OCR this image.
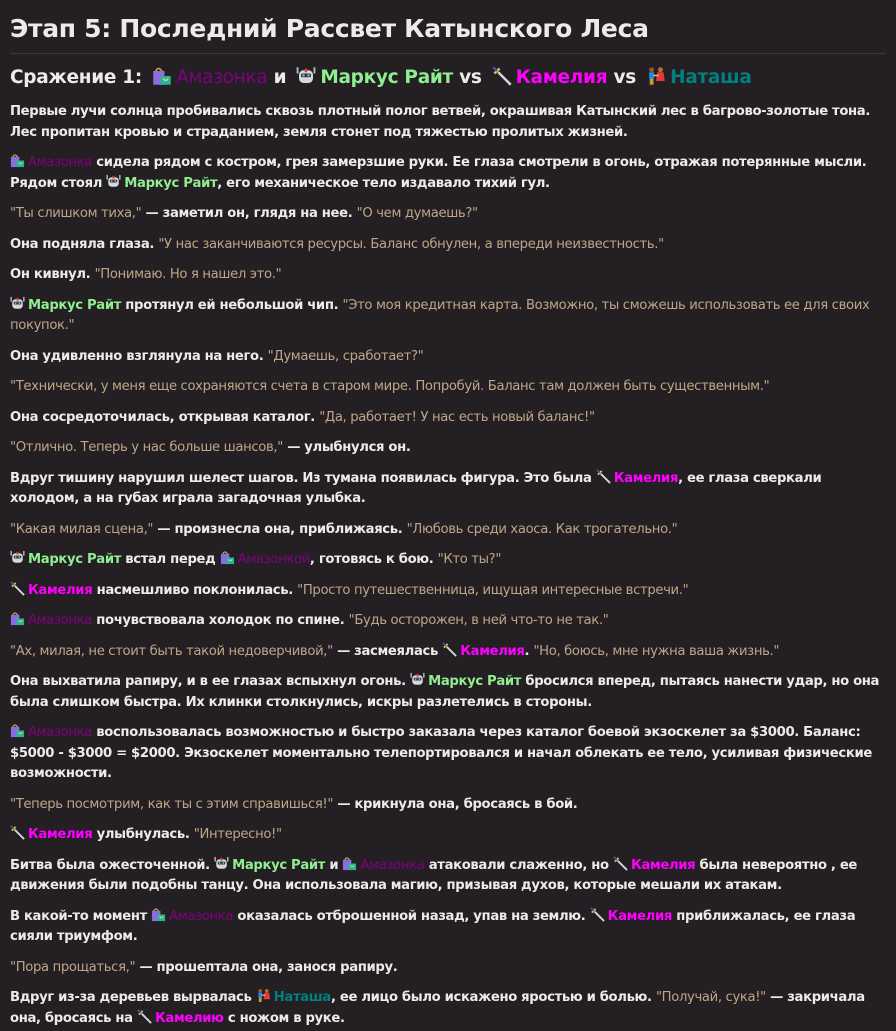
Этап 5: Последний Рассвет Катынского Леса
Сражение 1: Амазонка и Маркус Райт vs Камелия vs Наташа

Первые лучи солнца пробивались сквозь плотный полог ветвей, окрашивая Катынский лес в багрово-золотые тона. Лес пропитан кровью и страданием, земля стонет под тяжестью пролитых жизней.

Амазонка сидела рядом с костром, грея замерзшие руки. Ее глаза смотрели в огонь, отражая потерянные мысли. Рядом стоял Маркус Райт, его механическое тело издавало тихий гул.

"Ты слишком тиха," — заметил он, глядя на нее. "О чем думаешь?"

Она подняла глаза. "У нас заканчиваются ресурсы. Баланс обнулен, а впереди неизвестность."

Он кивнул. "Понимаю. Но я нашел это."

Маркус Райт протянул ей небольшой чип. "Это моя кредитная карта. Возможно, ты сможешь использовать ее для своих покупок."

Она удивленно взглянула на него. "Думаешь, сработает?"

"Технически, у меня еще сохраняются счета в старом мире. Попробуй. Баланс там должен быть существенным."

Она сосредоточилась, открывая каталог. "Да, работает! У нас есть новый баланс!"

"Отлично. Теперь у нас больше шансов," — улыбнулся он.

Вдруг тишину нарушил шелест шагов. Из тумана появилась фигура. Это была Камелия, ее глаза сверкали холодом, а на губах играла загадочная улыбка.

"Какая милая сцена," — произнесла она, приближаясь. "Любовь среди хаоса. Как трогательно."

Маркус Райт встал перед Амазонкой, готовясь к бою. "Кто ты?"

Камелия насмешливо поклонилась. "Просто путешественница, ищущая интересные встречи."

Амазонка почувствовала холодок по спине. "Будь осторожен, в ней что-то не так."

"Ах, милая, не стоит быть такой недоверчивой," — засмеялась Камелия. "Но, боюсь, мне нужна ваша жизнь."

Она выхватила рапиру, и в ее глазах вспыхнул огонь. Маркус Райт бросился вперед, пытаясь нанести удар, но она была слишком быстра. Их клинки столкнулись, искры разлетелись в стороны.

Амазонка воспользовалась возможностью и быстро заказала через каталог боевой экзоскелет за $3000. Баланс: $5000 - $3000 = $2000. Экзоскелет моментально телепортировался и начал облекать ее тело, усиливая физические возможности.

"Теперь посмотрим, как ты с этим справишься!" — крикнула она, бросаясь в бой.

Камелия улыбнулась. "Интересно!"

Битва была ожесточенной. Маркус Райт и Амазонка атаковали слаженно, но Камелия была невероятно , ее движения были подобны танцу. Она использовала магию, призывая духов, которые мешали их атакам.

В какой-то момент Амазонка оказалась отброшенной назад, упав на землю. Камелия приближалась, ее глаза сияли триумфом.

"Пора прощаться," — прошептала она, занося рапиру.

Вдруг из-за деревьев вырвалась Наташа, ее лицо было искажено яростью и болью. "Получай, сука!" — закричала она, бросаясь на Камелию с ножом в руке.
